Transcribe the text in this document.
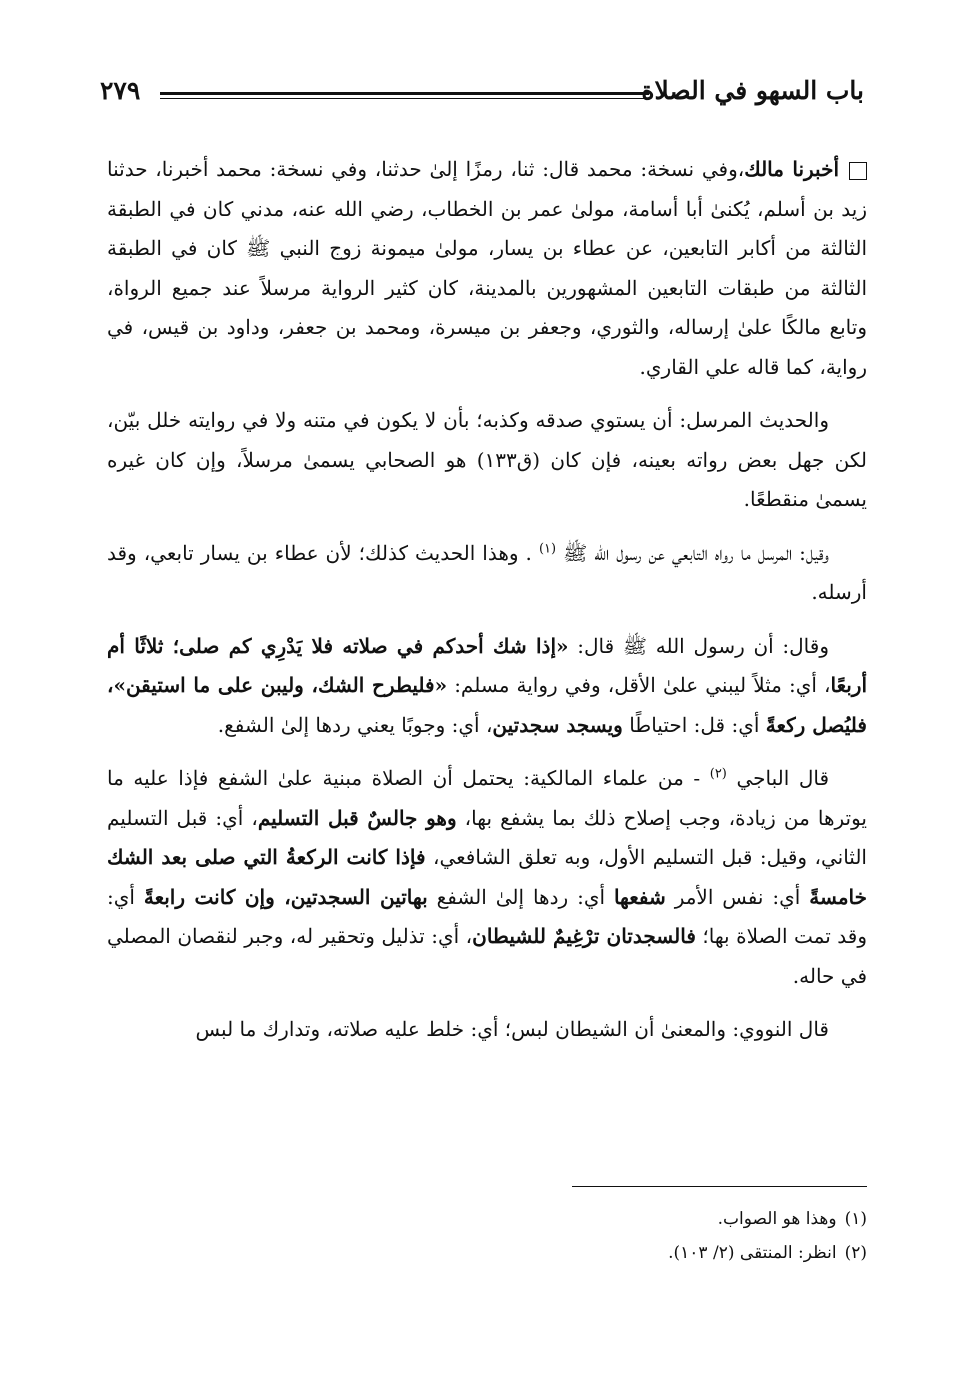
باب السهو في الصلاة
٢٧٩

أخبرنا مالك،وفي نسخة: محمد قال: ثنا، رمزًا إلىٰ حدثنا، وفي نسخة: محمد أخبرنا، حدثنا زيد بن أسلم، يُكنىٰ أبا أسامة، مولىٰ عمر بن الخطاب، رضي الله عنه، مدني كان في الطبقة الثالثة من أكابر التابعين، عن عطاء بن يسار، مولىٰ ميمونة زوج النبي ﷺ كان في الطبقة الثالثة من طبقات التابعين المشهورين بالمدينة، كان كثير الرواية مرسلاً عند جميع الرواة، وتابع مالكًا علىٰ إرساله، والثوري، وجعفر بن ميسرة، ومحمد بن جعفر، وداود بن قيس، في رواية، كما قاله علي القاري.

والحديث المرسل: أن يستوي صدقه وكذبه؛ بأن لا يكون في متنه ولا في روايته خلل بيّن، لكن جهل بعض رواته بعينه، فإن كان (ق١٣٣) هو الصحابي يسمىٰ مرسلاً، وإن كان غيره يسمىٰ منقطعًا.

وقيل: المرسل ما رواه التابعي عن رسول الله ﷺ $^{(١)}$ . وهذا الحديث كذلك؛ لأن عطاء بن يسار تابعي، وقد أرسله.

وقال: أن رسول الله ﷺ قال: «إذا شك أحدكم في صلاته فلا يَدْرِي كم صلى؛ ثلاثًا أم أربعًا، أي: مثلاً ليبني علىٰ الأقل، وفي رواية مسلم: «فليطرح الشك، وليبن على ما استيقن»، فليُصل ركعةً أي: قل: احتياطًا ويسجد سجدتين، أي: وجوبًا يعني ردها إلىٰ الشفع.

قال الباجي $^{(٢)}$ - من علماء المالكية: يحتمل أن الصلاة مبنية علىٰ الشفع فإذا عليه ما يوترها من زيادة، وجب إصلاح ذلك بما يشفع بها، وهو جالسٌ قبل التسليم، أي: قبل التسليم الثاني، وقيل: قبل التسليم الأول، وبه تعلق الشافعي، فإذا كانت الركعةُ التي صلى بعد الشك خامسةً أي: نفس الأمر شفعها أي: ردها إلىٰ الشفع بهاتين السجدتين، وإن كانت رابعةً أي: وقد تمت الصلاة بها؛ فالسجدتان ترْغِيمٌ للشيطان، أي: تذليل وتحقير له، وجبر لنقصان المصلي في حاله.

قال النووي: والمعنىٰ أن الشيطان لبس؛ أي: خلط عليه صلاته، وتدارك ما لبس

(١)وهذا هو الصواب.

(٢)انظر: المنتقى (٢/ ١٠٣).
